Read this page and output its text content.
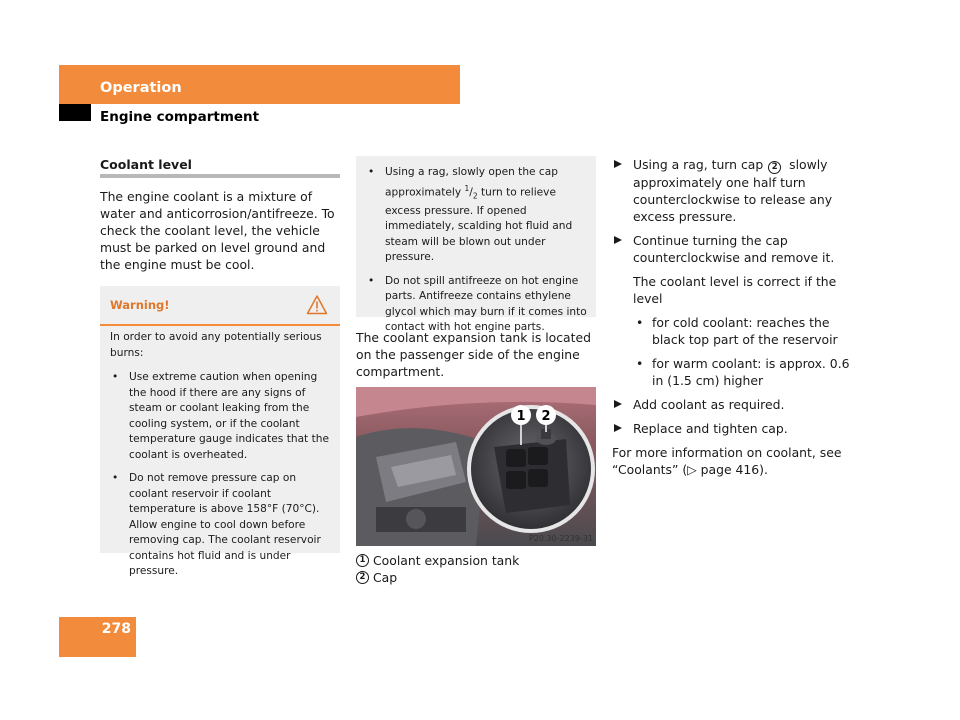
Operation
Engine compartment
Coolant level
The engine coolant is a mixture of water and anticorrosion/antifreeze. To check the coolant level, the vehicle must be parked on level ground and the engine must be cool.
Warning!
In order to avoid any potentially serious burns:
• Use extreme caution when opening the hood if there are any signs of steam or coolant leaking from the cooling system, or if the coolant temperature gauge indicates that the coolant is overheated.
• Do not remove pressure cap on coolant reservoir if coolant temperature is above 158°F (70°C). Allow engine to cool down before removing cap. The coolant reservoir contains hot fluid and is under pressure.
• Using a rag, slowly open the cap approximately $^1/_2$ turn to relieve excess pressure. If opened immediately, scalding hot fluid and steam will be blown out under pressure.
• Do not spill antifreeze on hot engine parts. Antifreeze contains ethylene glycol which may burn if it comes into contact with hot engine parts.
The coolant expansion tank is located on the passenger side of the engine compartment.
1 2
P20.30-2239-31
1 Coolant expansion tank
2 Cap
Using a rag, turn cap 2 slowly approximately one half turn counterclockwise to release any excess pressure.
Continue turning the cap counterclockwise and remove it.
The coolant level is correct if the level
• for cold coolant: reaches the black top part of the reservoir
• for warm coolant: is approx. 0.6 in (1.5 cm) higher
Add coolant as required.
Replace and tighten cap.
For more information on coolant, see “Coolants” (▷ page 416).
278
